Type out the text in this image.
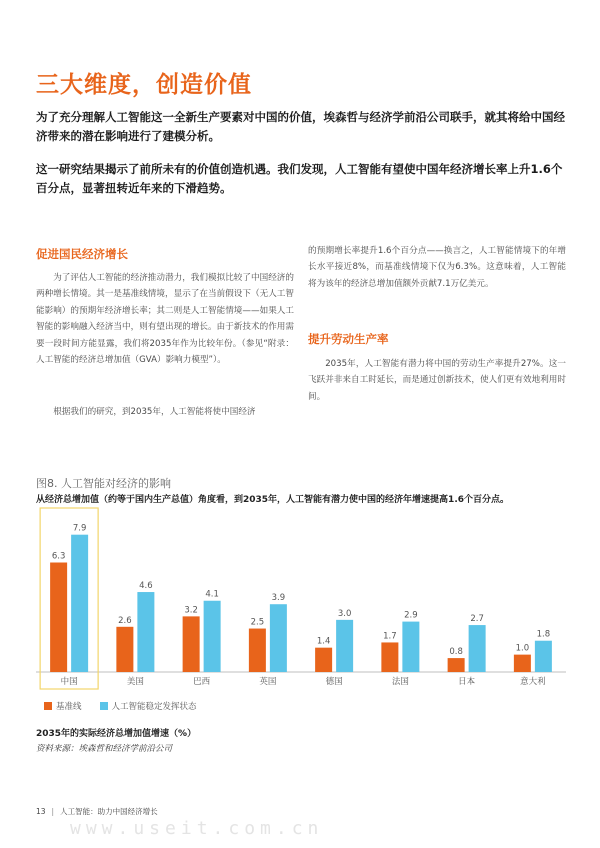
三大维度，创造价值
为了充分理解人工智能这一全新生产要素对中国的价值，埃森哲与经济学前沿公司联手，就其将给中国经济带来的潜在影响进行了建模分析。
这一研究结果揭示了前所未有的价值创造机遇。我们发现，人工智能有望使中国年经济增长率上升1.6个百分点，显著扭转近年来的下滑趋势。
促进国民经济增长
为了评估人工智能的经济推动潜力，我们模拟比较了中国经济的两种增长情境。其一是基准线情境，显示了在当前假设下（无人工智能影响）的预期年经济增长率；其二则是人工智能情境——如果人工智能的影响融入经济当中，则有望出现的增长。由于新技术的作用需要一段时间方能显露，我们将2035年作为比较年份。（参见“附录：人工智能的经济总增加值（GVA）影响力模型”）。
根据我们的研究，到2035年，人工智能将使中国经济
的预期增长率提升1.6个百分点——换言之，人工智能情境下的年增长水平接近8%，而基准线情境下仅为6.3%。这意味着，人工智能将为该年的经济总增加值额外贡献7.1万亿美元。
提升劳动生产率
2035年，人工智能有潜力将中国的劳动生产率提升27%。这一飞跃并非来自工时延长，而是通过创新技术，使人们更有效地利用时间。
图8. 人工智能对经济的影响
从经济总增加值（约等于国内生产总值）角度看，到2035年，人工智能有潜力使中国的经济年增速提高1.6个百分点。
6.3
7.9
中国
2.6
4.6
美国
3.2
4.1
巴西
2.5
3.9
英国
1.4
3.0
德国
1.7
2.9
法国
0.8
2.7
日本
1.0
1.8
意大利
基准线	人工智能稳定发挥状态
2035年的实际经济总增加值增速（%）
资料来源：埃森哲和经济学前沿公司
13 | 人工智能：助力中国经济增长
www.useit.com.cn
